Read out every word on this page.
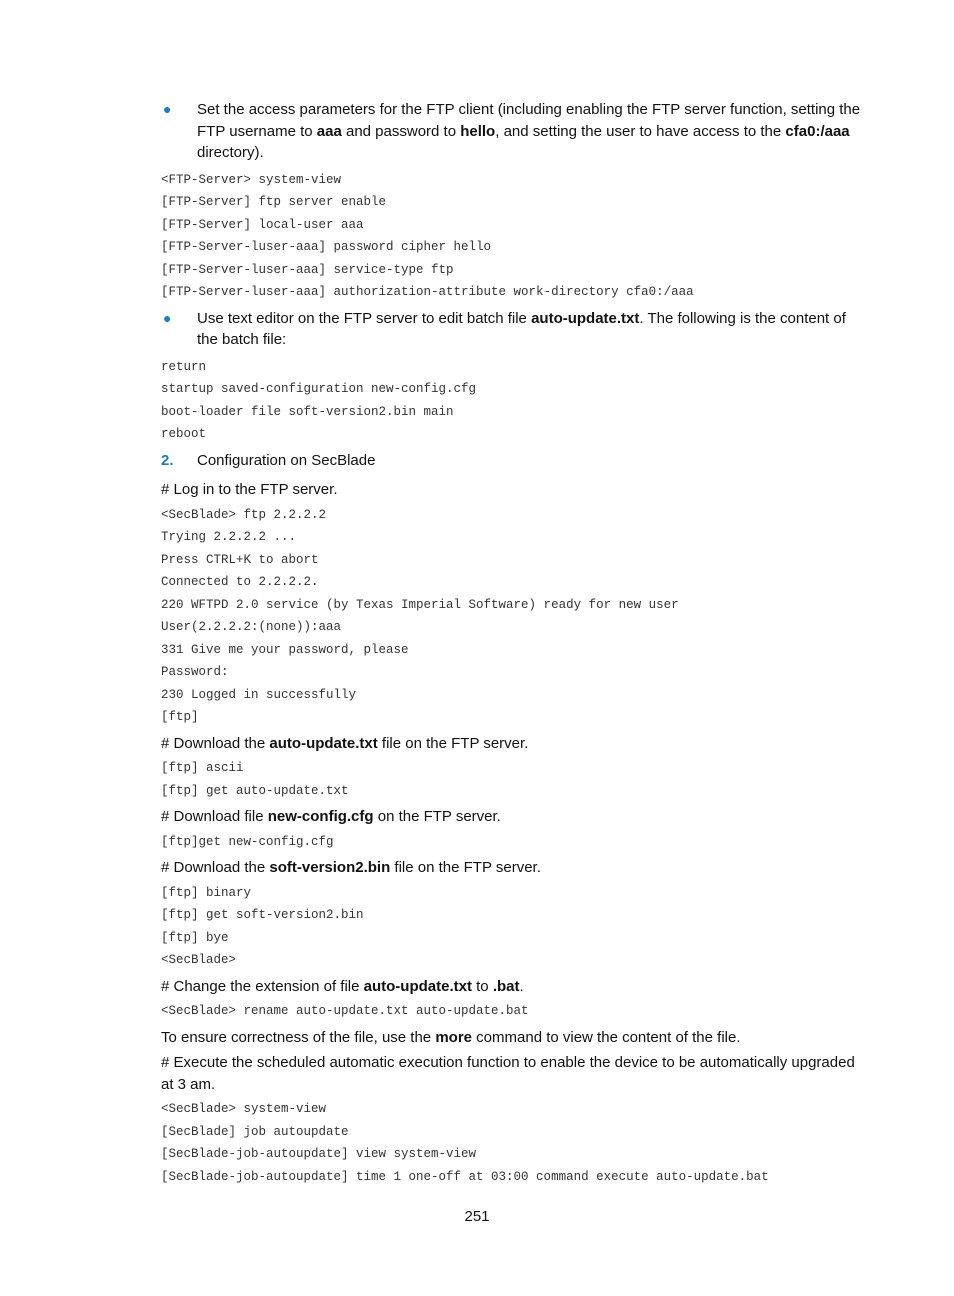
● Set the access parameters for the FTP client (including enabling the FTP server function, setting the FTP username to aaa and password to hello, and setting the user to have access to the cfa0:/aaa directory).

<FTP-Server> system-view

[FTP-Server] ftp server enable

[FTP-Server] local-user aaa

[FTP-Server-luser-aaa] password cipher hello

[FTP-Server-luser-aaa] service-type ftp

[FTP-Server-luser-aaa] authorization-attribute work-directory cfa0:/aaa

● Use text editor on the FTP server to edit batch file auto-update.txt. The following is the content of the batch file:

return

startup saved-configuration new-config.cfg

boot-loader file soft-version2.bin main

reboot

2. Configuration on SecBlade

# Log in to the FTP server.

<SecBlade> ftp 2.2.2.2

Trying 2.2.2.2 ...

Press CTRL+K to abort

Connected to 2.2.2.2.

220 WFTPD 2.0 service (by Texas Imperial Software) ready for new user

User(2.2.2.2:(none)):aaa

331 Give me your password, please

Password:

230 Logged in successfully

[ftp]

# Download the auto-update.txt file on the FTP server.

[ftp] ascii

[ftp] get auto-update.txt

# Download file new-config.cfg on the FTP server.

[ftp]get new-config.cfg

# Download the soft-version2.bin file on the FTP server.

[ftp] binary

[ftp] get soft-version2.bin

[ftp] bye

<SecBlade>

# Change the extension of file auto-update.txt to .bat.

<SecBlade> rename auto-update.txt auto-update.bat

To ensure correctness of the file, use the more command to view the content of the file.

# Execute the scheduled automatic execution function to enable the device to be automatically upgraded at 3 am.

<SecBlade> system-view

[SecBlade] job autoupdate

[SecBlade-job-autoupdate] view system-view

[SecBlade-job-autoupdate] time 1 one-off at 03:00 command execute auto-update.bat

251
